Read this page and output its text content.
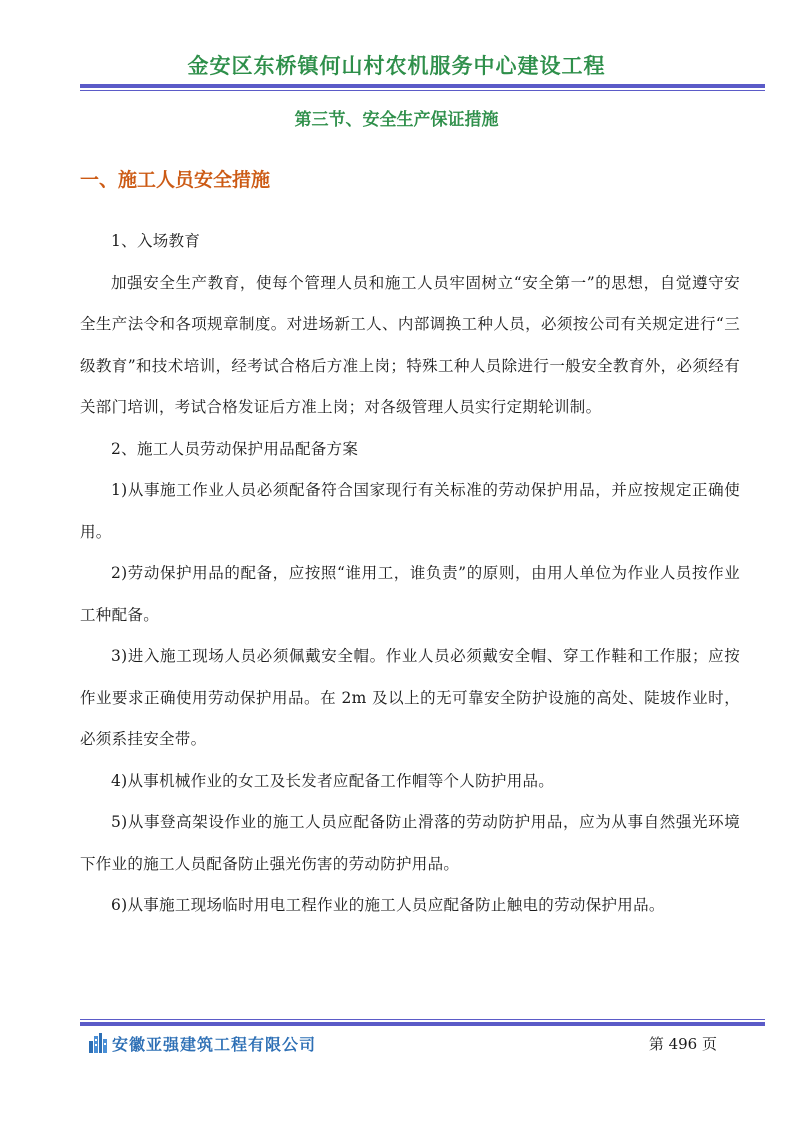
金安区东桥镇何山村农机服务中心建设工程
第三节、安全生产保证措施
一、施工人员安全措施

1、入场教育

加强安全生产教育，使每个管理人员和施工人员牢固树立“安全第一”的思想，自觉遵守安全生产法令和各项规章制度。对进场新工人、内部调换工种人员，必须按公司有关规定进行“三级教育”和技术培训，经考试合格后方准上岗；特殊工种人员除进行一般安全教育外，必须经有关部门培训，考试合格发证后方准上岗；对各级管理人员实行定期轮训制。

2、施工人员劳动保护用品配备方案

1)从事施工作业人员必须配备符合国家现行有关标准的劳动保护用品，并应按规定正确使用。

2)劳动保护用品的配备，应按照“谁用工，谁负责”的原则，由用人单位为作业人员按作业工种配备。

3)进入施工现场人员必须佩戴安全帽。作业人员必须戴安全帽、穿工作鞋和工作服；应按作业要求正确使用劳动保护用品。在 2m 及以上的无可靠安全防护设施的高处、陡坡作业时，必须系挂安全带。

4)从事机械作业的女工及长发者应配备工作帽等个人防护用品。

5)从事登高架设作业的施工人员应配备防止滑落的劳动防护用品，应为从事自然强光环境下作业的施工人员配备防止强光伤害的劳动防护用品。

6)从事施工现场临时用电工程作业的施工人员应配备防止触电的劳动保护用品。

安徽亚强建筑工程有限公司	第 496 页
